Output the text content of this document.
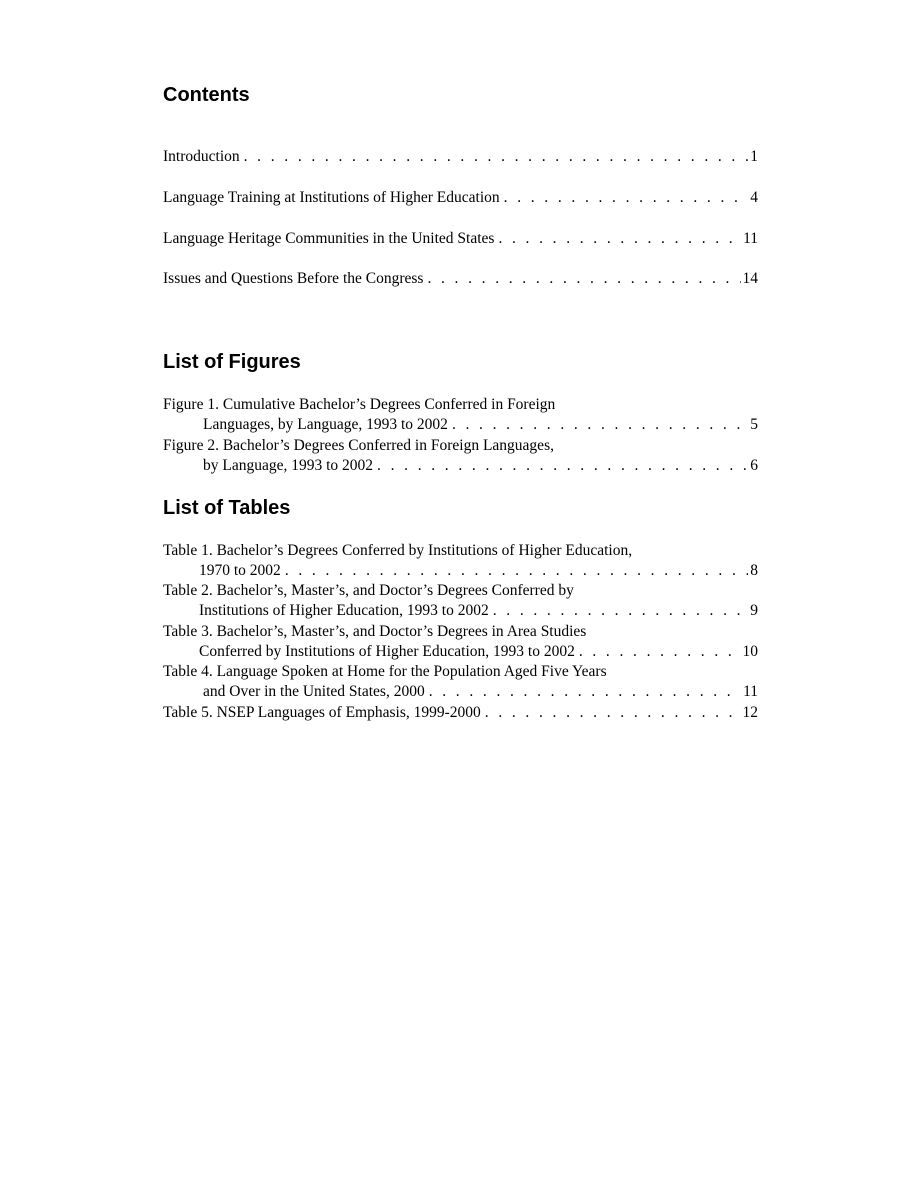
Contents
Introduction . . .	1
Language Training at Institutions of Higher Education . . .	4
Language Heritage Communities in the United States . . .	11
Issues and Questions Before the Congress . . .	14
List of Figures
Figure 1. Cumulative Bachelor’s Degrees Conferred in Foreign
Languages, by Language, 1993 to 2002 . . .	5
Figure 2. Bachelor’s Degrees Conferred in Foreign Languages,
by Language, 1993 to 2002 . . .	6
List of Tables
Table 1. Bachelor’s Degrees Conferred by Institutions of Higher Education,
1970 to 2002 . . .	8
Table 2. Bachelor’s, Master’s, and Doctor’s Degrees Conferred by
Institutions of Higher Education, 1993 to 2002 . . .	9
Table 3. Bachelor’s, Master’s, and Doctor’s Degrees in Area Studies
Conferred by Institutions of Higher Education, 1993 to 2002 . . .	10
Table 4. Language Spoken at Home for the Population Aged Five Years
and Over in the United States, 2000 . . .	11
Table 5. NSEP Languages of Emphasis, 1999-2000 . . .	12
